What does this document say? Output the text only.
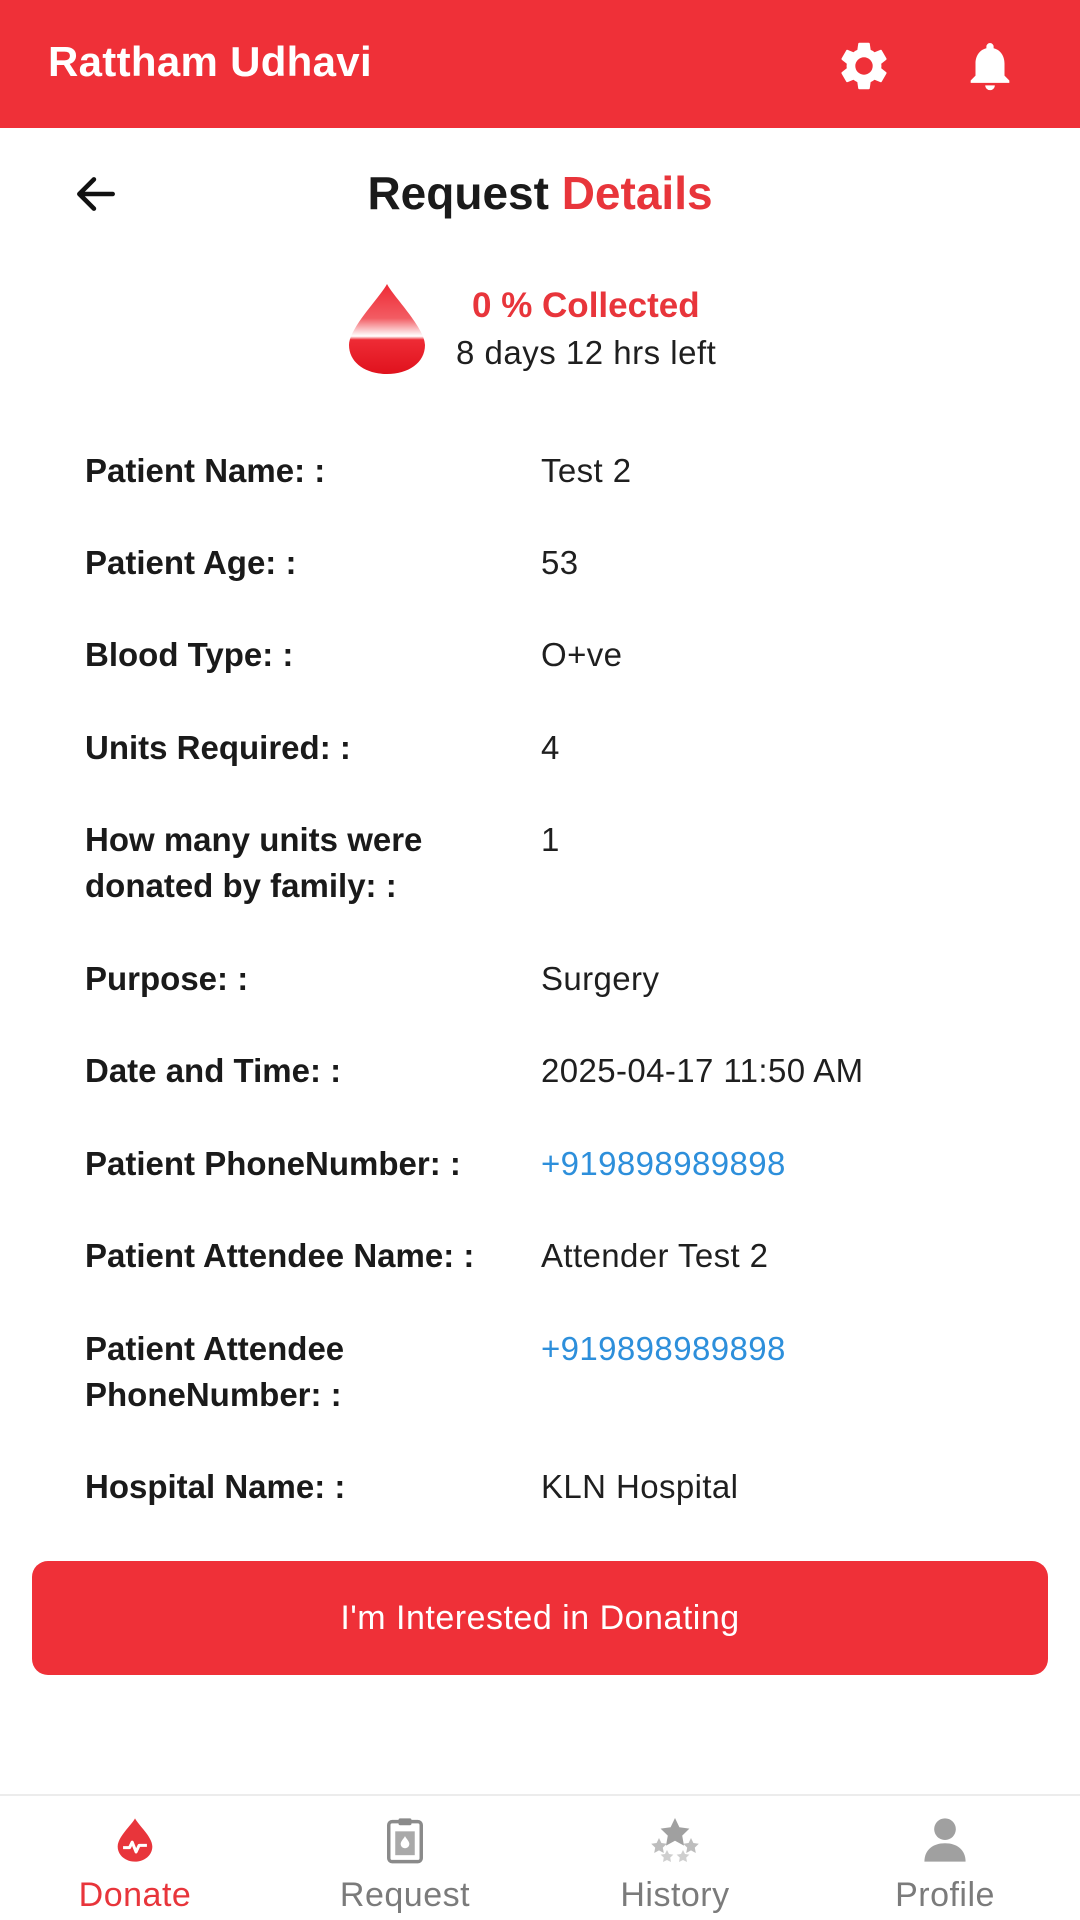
Rattham Udhavi
Request Details
0 % Collected
8 days 12 hrs left
Patient Name: :	Test 2
Patient Age: :	53
Blood Type: :	O+ve
Units Required: :	4
How many units were donated by family: :
1
Purpose: :	Surgery
Date and Time: :	2025-04-17 11:50 AM
Patient PhoneNumber: :	+919898989898
Patient Attendee Name: :	Attender Test 2
Patient Attendee PhoneNumber: :
+919898989898
Hospital Name: :	KLN Hospital
I'm Interested in Donating
Donate	Request	History	Profile
